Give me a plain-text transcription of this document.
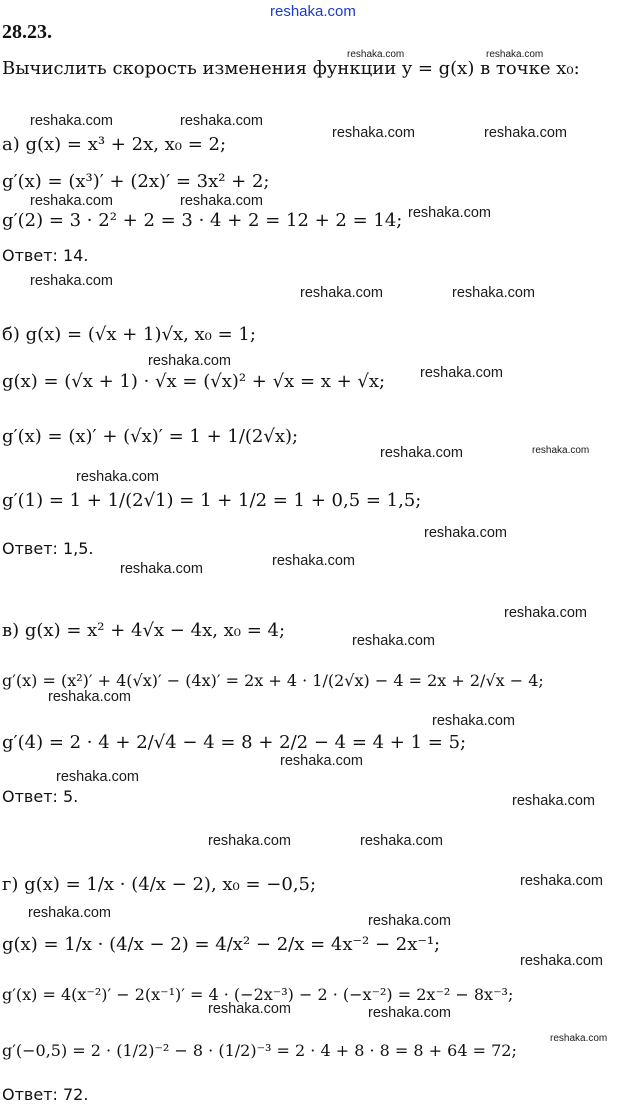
reshaka.com
28.23.
Вычислить скорость изменения функции y = g(x) в точке x₀:
а) g(x) = x³ + 2x, x₀ = 2;
g′(x) = (x³)′ + (2x)′ = 3x² + 2;
g′(2) = 3 · 2² + 2 = 3 · 4 + 2 = 12 + 2 = 14;
Ответ: 14.
б) g(x) = (√x + 1)√x, x₀ = 1;
g(x) = (√x + 1) · √x = (√x)² + √x = x + √x;
g′(x) = (x)′ + (√x)′ = 1 + 1/(2√x);
g′(1) = 1 + 1/(2√1) = 1 + 1/2 = 1 + 0,5 = 1,5;
Ответ: 1,5.
в) g(x) = x² + 4√x − 4x, x₀ = 4;
g′(x) = (x²)′ + 4(√x)′ − (4x)′ = 2x + 4 · 1/(2√x) − 4 = 2x + 2/√x − 4;
g′(4) = 2 · 4 + 2/√4 − 4 = 8 + 2/2 − 4 = 4 + 1 = 5;
Ответ: 5.
г) g(x) = 1/x · (4/x − 2), x₀ = −0,5;
g(x) = 1/x · (4/x − 2) = 4/x² − 2/x = 4x⁻² − 2x⁻¹;
g′(x) = 4(x⁻²)′ − 2(x⁻¹)′ = 4 · (−2x⁻³) − 2 · (−x⁻²) = 2x⁻² − 8x⁻³;
g′(−0,5) = 2 · (1/2)⁻² − 8 · (1/2)⁻³ = 2 · 4 + 8 · 8 = 8 + 64 = 72;
Ответ: 72.
reshaka.com	reshaka.com
reshaka.com	reshaka.com
reshaka.com	reshaka.com
reshaka.com	reshaka.com
reshaka.com
reshaka.com
reshaka.com	reshaka.com
reshaka.com
reshaka.com
reshaka.com	reshaka.com
reshaka.com
reshaka.com
reshaka.com
reshaka.com
reshaka.com
reshaka.com
reshaka.com
reshaka.com
reshaka.com
reshaka.com
reshaka.com
reshaka.com	reshaka.com
reshaka.com
reshaka.com	reshaka.com
reshaka.com
reshaka.com	reshaka.com
reshaka.com
